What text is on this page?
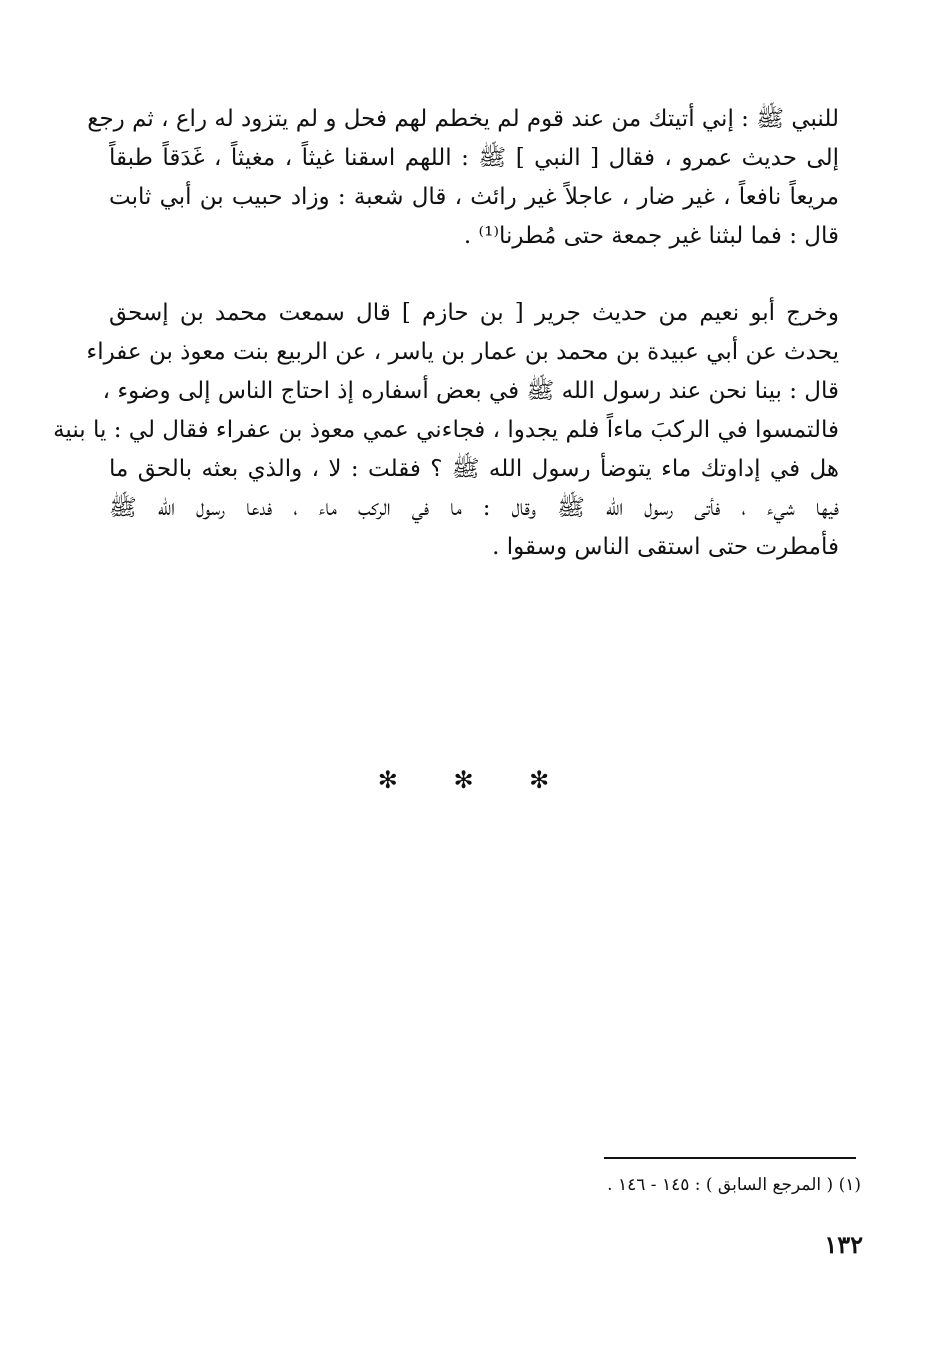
للنبي ﷺ : إني أتيتك من عند قوم لم يخطم لهم فحل و لم يتزود له راع ، ثم رجع
إلى حديث عمرو ، فقال [ النبي ] ﷺ : اللهم اسقنا غيثاً ، مغيثاً ، غَدَقاً طبقاً
مريعاً نافعاً ، غير ضار ، عاجلاً غير رائث ، قال شعبة : وزاد حبيب بن أبي ثابت
قال : فما لبثنا غير جمعة حتى مُطرنا⁽¹⁾ .
وخرج أبو نعيم من حديث جرير [ بن حازم ] قال سمعت محمد بن إسحق
يحدث عن أبي عبيدة بن محمد بن عمار بن ياسر ، عن الربيع بنت معوذ بن عفراء
قال : بينا نحن عند رسول الله ﷺ في بعض أسفاره إذ احتاج الناس إلى وضوء ،
فالتمسوا في الركبَ ماءاً فلم يجدوا ، فجاءني عمي معوذ بن عفراء فقال لي : يا بنية
هل في إداوتك ماء يتوضأ رسول الله ﷺ ؟ فقلت : لا ، والذي بعثه بالحق ما
فيها شيء ، فأتى رسول الله ﷺ وقال : ما في الركب ماء ، فدعا رسول الله ﷺ
فأمطرت حتى استقى الناس وسقوا .
✻ ✻ ✻
(١) ( المرجع السابق ) : ١٤٥ - ١٤٦ .
١٣٢
